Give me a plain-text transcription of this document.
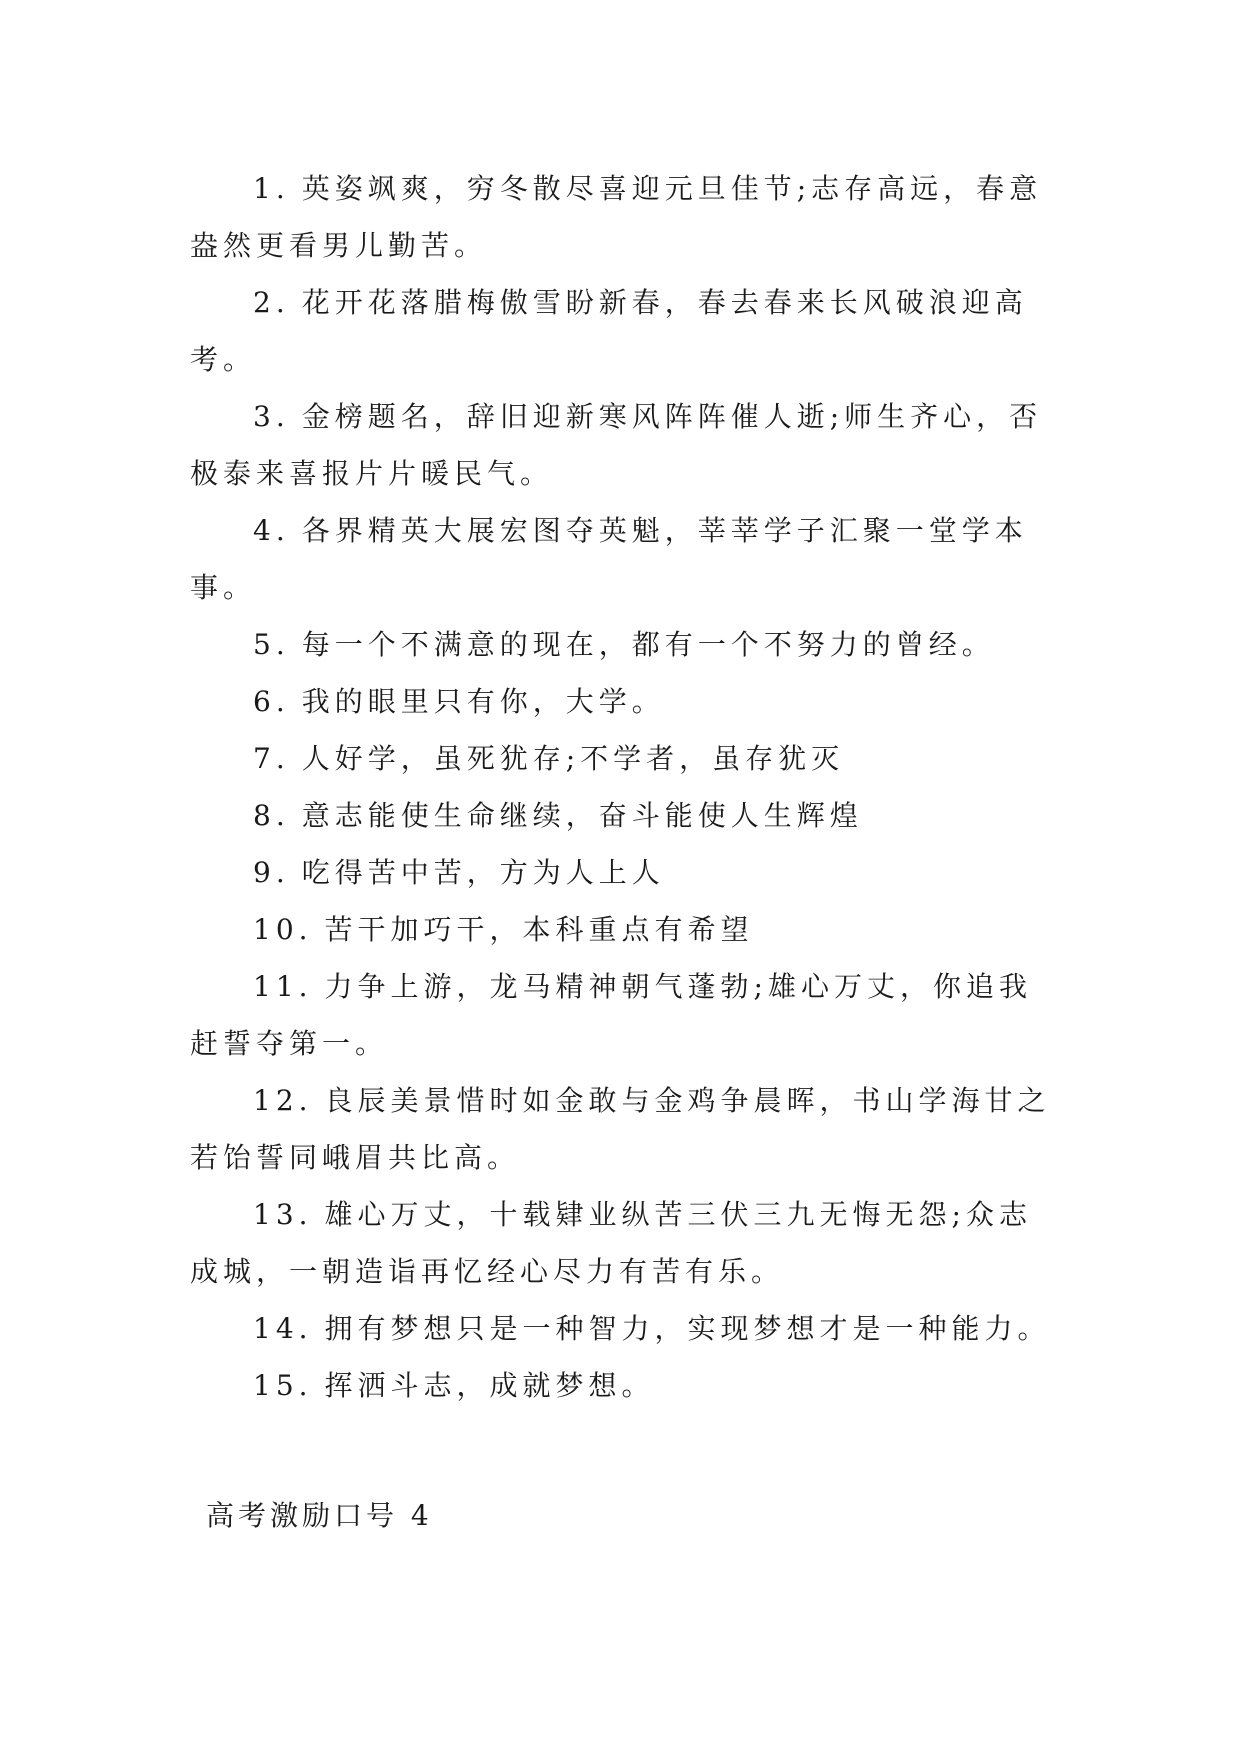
1. 英姿飒爽，穷冬散尽喜迎元旦佳节;志存高远，春意盎然更看男儿勤苦。

2. 花开花落腊梅傲雪盼新春，春去春来长风破浪迎高考。

3. 金榜题名，辞旧迎新寒风阵阵催人逝;师生齐心，否极泰来喜报片片暖民气。

4. 各界精英大展宏图夺英魁，莘莘学子汇聚一堂学本事。

5. 每一个不满意的现在，都有一个不努力的曾经。

6. 我的眼里只有你，大学。

7. 人好学，虽死犹存;不学者，虽存犹灭

8. 意志能使生命继续，奋斗能使人生辉煌

9. 吃得苦中苦，方为人上人

10. 苦干加巧干，本科重点有希望

11. 力争上游，龙马精神朝气蓬勃;雄心万丈，你追我赶誓夺第一。

12. 良辰美景惜时如金敢与金鸡争晨晖，书山学海甘之若饴誓同峨眉共比高。

13. 雄心万丈，十载肄业纵苦三伏三九无悔无怨;众志成城，一朝造诣再忆经心尽力有苦有乐。

14. 拥有梦想只是一种智力，实现梦想才是一种能力。

15. 挥洒斗志，成就梦想。

高考激励口号 4
